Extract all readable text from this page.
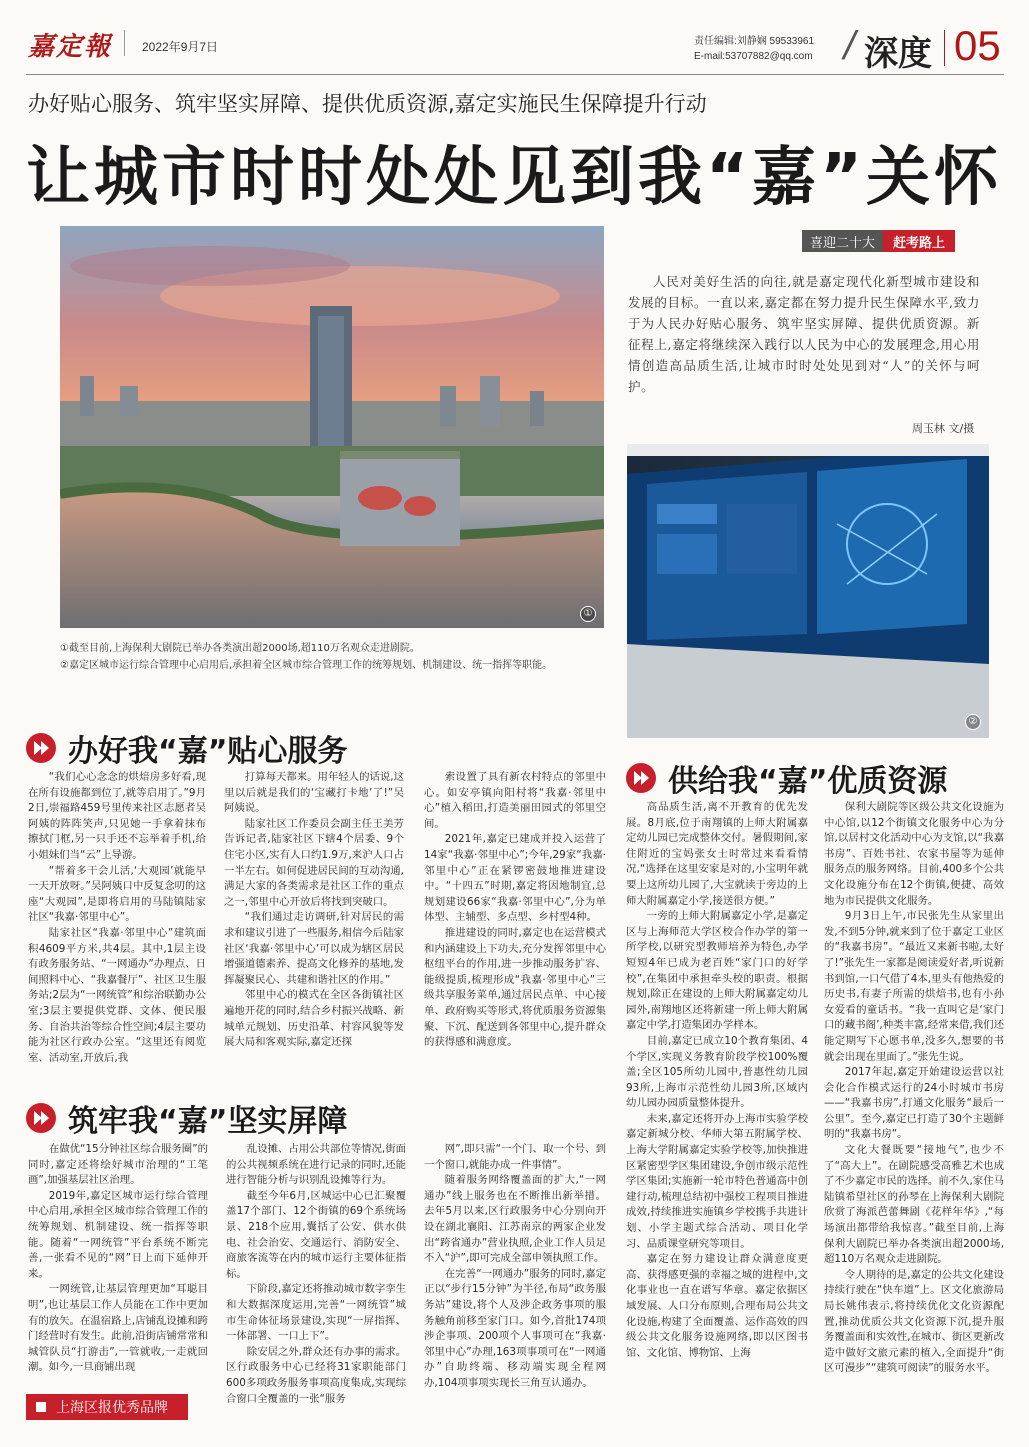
嘉定報 2022年9月7日	责任编辑:刘静娴 59533961
E-mail:53707882@qq.com / 深度 05
办好贴心服务、筑牢坚实屏障、提供优质资源,嘉定实施民生保障提升行动
让城市时时处处见到我“嘉”关怀
①
喜迎二十大	赶考路上
人民对美好生活的向往,就是嘉定现代化新型城市建设和发展的目标。一直以来,嘉定都在努力提升民生保障水平,致力于为人民办好贴心服务、筑牢坚实屏障、提供优质资源。新征程上,嘉定将继续深入践行以人民为中心的发展理念,用心用情创造高品质生活,让城市时时处处见到对“人”的关怀与呵护。
周玉林 文/摄
②
①截至目前,上海保利大剧院已举办各类演出超2000场,超110万名观众走进剧院。
②嘉定区城市运行综合管理中心启用后,承担着全区城市综合管理工作的统筹规划、机制建设、统一指挥等职能。
办好我“嘉”贴心服务

“我们心心念念的烘焙房多好看,现在所有设施都到位了,就等启用了。”9月2日,崇福路459号里传来社区志愿者吴阿姨的阵阵笑声,只见她一手拿着抹布擦拭门框,另一只手还不忘举着手机,给小姐妹们当“云”上导游。

“帮着多干会儿活,‘大观园’就能早一天开放呀。”吴阿姨口中反复念叨的这座“大观园”,是即将启用的马陆镇陆家社区“我嘉·邻里中心”。

陆家社区“我嘉·邻里中心”建筑面积4609平方米,共4层。其中,1层主设有政务服务站、“一网通办”办理点、日间照料中心、“我嘉餐厅”、社区卫生服务站;2层为“一网统管”和综治联勤办公室;3层主要提供党群、文体、便民服务、自治共治等综合性空间;4层主要功能为社区行政办公室。“这里还有阅览室、活动室,开放后,我

打算每天都来。用年轻人的话说,这里以后就是我们的‘宝藏打卡地’了!”吴阿姨说。

陆家社区工作委员会副主任王美芳告诉记者,陆家社区下辖4个居委、9个住宅小区,实有人口约1.9万,来沪人口占一半左右。如何促进居民间的互动沟通,满足大家的各类需求是社区工作的重点之一,邻里中心开放后将找到突破口。

“我们通过走访调研,针对居民的需求和建议引进了一些服务,相信今后陆家社区‘我嘉·邻里中心’可以成为辖区居民增强道德素养、提高文化修养的基地,发挥凝聚民心、共建和谐社区的作用。”

邻里中心的模式在全区各街镇社区遍地开花的同时,结合乡村振兴战略、新城单元规划、历史沿革、村容风貌等发展大局和客观实际,嘉定还探

索设置了具有新农村特点的邻里中心。如安亭镇向阳村将“我嘉·邻里中心”植入稻田,打造美丽田园式的邻里空间。

2021年,嘉定已建成并投入运营了14家“我嘉·邻里中心”;今年,29家“我嘉·邻里中心”正在紧锣密鼓地推进建设中。“十四五”时期,嘉定将因地制宜,总规划建设66家“我嘉·邻里中心”,分为单体型、主辅型、多点型、乡村型4种。

推进建设的同时,嘉定也在运营模式和内涵建设上下功夫,充分发挥邻里中心枢纽平台的作用,进一步推动服务扩容、能级提质,梳理形成“我嘉·邻里中心”三级共享服务菜单,通过居民点单、中心接单、政府购买等形式,将优质服务资源集聚、下沉、配送到各邻里中心,提升群众的获得感和满意度。

筑牢我“嘉”坚实屏障

在做优“15分钟社区综合服务圈”的同时,嘉定还将绘好城市治理的“工笔画”,加强基层社区治理。

2019年,嘉定区城市运行综合管理中心启用,承担全区城市综合管理工作的统筹规划、机制建设、统一指挥等职能。随着“一网统管”平台系统不断完善,一张看不见的“网”日上而下延伸开来。

一网统管,让基层管理更加“耳聪目明”,也让基层工作人员能在工作中更加有的放矢。在温宿路上,店铺乱设摊和跨门经营时有发生。此前,沿街店铺常常和城管队员“打游击”,一管就收,一走就回潮。如今,一旦商铺出现

乱设摊、占用公共部位等情况,街面的公共视频系统在进行记录的同时,还能进行智能分析与识别乱设摊等行为。

截至今年6月,区城运中心已汇聚覆盖17个部门、12个街镇的69个系统场景、218个应用,囊括了公安、供水供电、社会治安、交通运行、消防安全、商旅客流等在内的城市运行主要体征指标。

下阶段,嘉定还将推动城市数字孪生和大数据深度运用,完善“一网统管”城市生命体征场景建设,实现“一屏指挥、一体部署、一口上下”。

除安居之外,群众还有办事的需求。区行政服务中心已经将31家职能部门600多项政务服务事项高度集成,实现综合窗口全覆盖的一张“服务

网”,即只需“一个门、取一个号、到一个窗口,就能办成一件事情”。

随着服务网络覆盖面的扩大,“一网通办”线上服务也在不断推出新举措。去年5月以来,区行政服务中心分别向开设在湖北襄阳、江苏南京的两家企业发出“跨省通办”营业执照,企业工作人员足不入“沪”,即可完成全部申领执照工作。

在完善“一网通办”服务的同时,嘉定正以“步行15分钟”为半径,布局“政务服务站”建设,将个人及涉企政务事项的服务触角前移至家门口。如今,首批174项涉企事项、200项个人事项可在“我嘉·邻里中心”办理,163项事项可在“一网通办”自助终端、移动端实现全程网办,104项事项实现长三角互认通办。

供给我“嘉”优质资源

高品质生活,离不开教育的优先发展。8月底,位于南翔镇的上师大附属嘉定幼儿园已完成整体交付。暑假期间,家住附近的宝妈张女士时常过来看看情况,“选择在这里安家是对的,小宝明年就要上这所幼儿园了,大宝就读于旁边的上师大附属嘉定小学,接送很方便。”

一旁的上师大附属嘉定小学,是嘉定区与上海师范大学区校合作办学的第一所学校,以研究型教师培养为特色,办学短短4年已成为老百姓“家门口的好学校”,在集团中承担牵头校的职责。根据规划,除正在建设的上师大附属嘉定幼儿园外,南翔地区还将新建一所上师大附属嘉定中学,打造集团办学样本。

目前,嘉定已成立10个教育集团、4个学区,实现义务教育阶段学校100%覆盖;全区105所幼儿园中,普惠性幼儿园93所,上海市示范性幼儿园3所,区域内幼儿园办园质量整体提升。

未来,嘉定还将开办上海市实验学校嘉定新城分校、华师大第五附属学校、上海大学附属嘉定实验学校等,加快推进区紧密型学区集团建设,争创市级示范性学区集团;实施新一轮市特色普通高中创建行动,梳理总结初中强校工程项目推进成效,持续推进实施镇乡学校携手共进计划、小学主题式综合活动、项目化学习、品质课堂研究等项目。

嘉定在努力建设让群众满意度更高、获得感更强的幸福之城的进程中,文化事业也一直在谱写华章。嘉定依据区域发展、人口分布原则,合理布局公共文化设施,构建了全面覆盖、运作高效的四级公共文化服务设施网络,即以区图书馆、文化馆、博物馆、上海

保利大剧院等区级公共文化设施为中心馆,以12个街镇文化服务中心为分馆,以居村文化活动中心为支馆,以“我嘉书房”、百姓书社、农家书屋等为延伸服务点的服务网络。目前,400多个公共文化设施分布在12个街镇,便捷、高效地为市民提供文化服务。

9月3日上午,市民张先生从家里出发,不到5分钟,就来到了位于嘉定工业区的“我嘉书房”。“最近又来新书啦,太好了!”张先生一家都是阅读爱好者,听说新书到馆,一口气借了4本,里头有他热爱的历史书,有妻子所需的烘焙书,也有小孙女爱看的童话书。“我一直叫它是‘家门口的藏书阁’,种类丰富,经常来借,我们还能定期写下心愿书单,没多久,想要的书就会出现在里面了。”张先生说。

2017年起,嘉定开始建设运营以社会化合作模式运行的24小时城市书房——“我嘉书房”,打通文化服务“最后一公里”。至今,嘉定已打造了30个主题鲜明的“我嘉书房”。

文化大餐既要“接地气”,也少不了“高大上”。在剧院感受高雅艺术也成了不少嘉定市民的选择。前不久,家住马陆镇希望社区的孙琴在上海保利大剧院欣赏了海派芭蕾舞剧《花样年华》,“每场演出都带给我惊喜。”截至目前,上海保利大剧院已举办各类演出超2000场,超110万名观众走进剧院。

令人期待的是,嘉定的公共文化建设持续行驶在“快车道”上。区文化旅游局局长姚伟表示,将持续优化文化资源配置,推动优质公共文化资源下沉,提升服务覆盖面和实效性,在城市、街区更新改造中做好文旅元素的植入,全面提升“街区可漫步”“建筑可阅读”的服务水平。

上海区报优秀品牌
